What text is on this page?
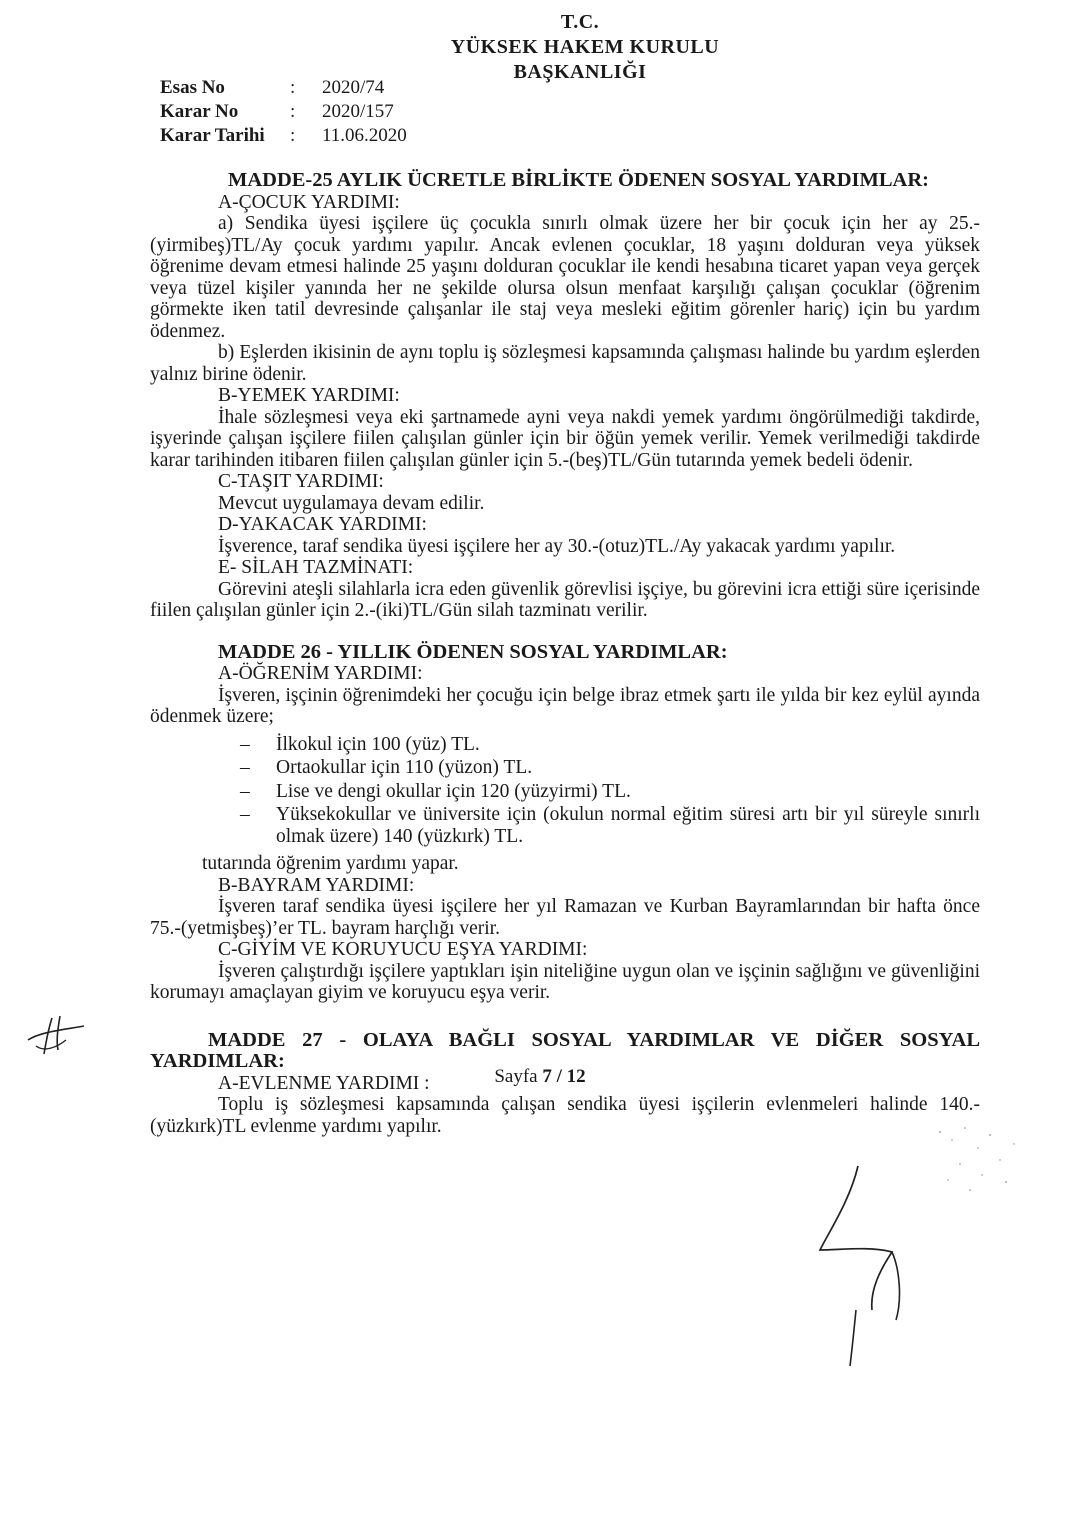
T.C.
YÜKSEK HAKEM KURULU
BAŞKANLIĞI
Esas No	:	2020/74
Karar No	:	2020/157
Karar Tarihi	:	11.06.2020

MADDE-25 AYLIK ÜCRETLE BİRLİKTE ÖDENEN SOSYAL YARDIMLAR:

A-ÇOCUK YARDIMI:

a) Sendika üyesi işçilere üç çocukla sınırlı olmak üzere her bir çocuk için her ay 25.-(yirmibeş)TL/Ay çocuk yardımı yapılır. Ancak evlenen çocuklar, 18 yaşını dolduran veya yüksek öğrenime devam etmesi halinde 25 yaşını dolduran çocuklar ile kendi hesabına ticaret yapan veya gerçek veya tüzel kişiler yanında her ne şekilde olursa olsun menfaat karşılığı çalışan çocuklar (öğrenim görmekte iken tatil devresinde çalışanlar ile staj veya mesleki eğitim görenler hariç) için bu yardım ödenmez.

b) Eşlerden ikisinin de aynı toplu iş sözleşmesi kapsamında çalışması halinde bu yardım eşlerden yalnız birine ödenir.

B-YEMEK YARDIMI:

İhale sözleşmesi veya eki şartnamede ayni veya nakdi yemek yardımı öngörülmediği takdirde, işyerinde çalışan işçilere fiilen çalışılan günler için bir öğün yemek verilir. Yemek verilmediği takdirde karar tarihinden itibaren fiilen çalışılan günler için 5.-(beş)TL/Gün tutarında yemek bedeli ödenir.

C-TAŞIT YARDIMI:

Mevcut uygulamaya devam edilir.

D-YAKACAK YARDIMI:

İşverence, taraf sendika üyesi işçilere her ay 30.-(otuz)TL./Ay yakacak yardımı yapılır.

E- SİLAH TAZMİNATI:

Görevini ateşli silahlarla icra eden güvenlik görevlisi işçiye, bu görevini icra ettiği süre içerisinde fiilen çalışılan günler için 2.-(iki)TL/Gün silah tazminatı verilir.

MADDE 26 - YILLIK ÖDENEN SOSYAL YARDIMLAR:

A-ÖĞRENİM YARDIMI:

İşveren, işçinin öğrenimdeki her çocuğu için belge ibraz etmek şartı ile yılda bir kez eylül ayında ödenmek üzere;

–	İlkokul için 100 (yüz) TL.
–	Ortaokullar için 110 (yüzon) TL.
–	Lise ve dengi okullar için 120 (yüzyirmi) TL.
–	Yüksekokullar ve üniversite için (okulun normal eğitim süresi artı bir yıl süreyle sınırlı olmak üzere) 140 (yüzkırk) TL.

tutarında öğrenim yardımı yapar.

B-BAYRAM YARDIMI:

İşveren taraf sendika üyesi işçilere her yıl Ramazan ve Kurban Bayramlarından bir hafta önce 75.-(yetmişbeş)’er TL. bayram harçlığı verir.

C-GİYİM VE KORUYUCU EŞYA YARDIMI:

İşveren çalıştırdığı işçilere yaptıkları işin niteliğine uygun olan ve işçinin sağlığını ve güvenliğini korumayı amaçlayan giyim ve koruyucu eşya verir.

MADDE 27 - OLAYA BAĞLI SOSYAL YARDIMLAR VE DİĞER SOSYAL YARDIMLAR:

A-EVLENME YARDIMI :

Toplu iş sözleşmesi kapsamında çalışan sendika üyesi işçilerin evlenmeleri halinde 140.-(yüzkırk)TL evlenme yardımı yapılır.

Sayfa 7 / 12
